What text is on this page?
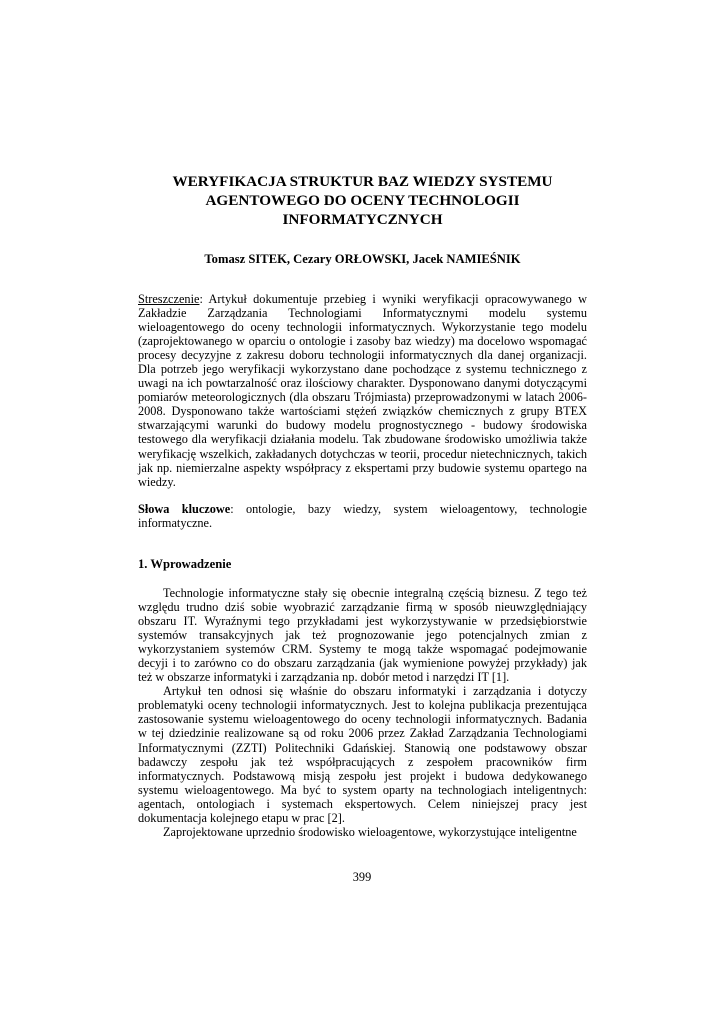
WERYFIKACJA STRUKTUR BAZ WIEDZY SYSTEMU
AGENTOWEGO DO OCENY TECHNOLOGII
INFORMATYCZNYCH
Tomasz SITEK, Cezary ORŁOWSKI, Jacek NAMIEŚNIK

Streszczenie: Artykuł dokumentuje przebieg i wyniki weryfikacji opracowywanego w Zakładzie Zarządzania Technologiami Informatycznymi modelu systemu wieloagentowego do oceny technologii informatycznych. Wykorzystanie tego modelu (zaprojektowanego w oparciu o ontologie i zasoby baz wiedzy) ma docelowo wspomagać procesy decyzyjne z zakresu doboru technologii informatycznych dla danej organizacji. Dla potrzeb jego weryfikacji wykorzystano dane pochodzące z systemu technicznego z uwagi na ich powtarzalność oraz ilościowy charakter. Dysponowano danymi dotyczącymi pomiarów meteorologicznych (dla obszaru Trójmiasta) przeprowadzonymi w latach 2006-2008. Dysponowano także wartościami stężeń związków chemicznych z grupy BTEX stwarzającymi warunki do budowy modelu prognostycznego - budowy środowiska testowego dla weryfikacji działania modelu. Tak zbudowane środowisko umożliwia także weryfikację wszelkich, zakładanych dotychczas w teorii, procedur nietechnicznych, takich jak np. niemierzalne aspekty współpracy z ekspertami przy budowie systemu opartego na wiedzy.

Słowa kluczowe: ontologie, bazy wiedzy, system wieloagentowy, technologie informatyczne.

1. Wprowadzenie

Technologie informatyczne stały się obecnie integralną częścią biznesu. Z tego też względu trudno dziś sobie wyobrazić zarządzanie firmą w sposób nieuwzględniający obszaru IT. Wyraźnymi tego przykładami jest wykorzystywanie w przedsiębiorstwie systemów transakcyjnych jak też prognozowanie jego potencjalnych zmian z wykorzystaniem systemów CRM. Systemy te mogą także wspomagać podejmowanie decyji i to zarówno co do obszaru zarządzania (jak wymienione powyżej przykłady) jak też w obszarze informatyki i zarządzania np. dobór metod i narzędzi IT [1].

Artykuł ten odnosi się właśnie do obszaru informatyki i zarządzania i dotyczy problematyki oceny technologii informatycznych. Jest to kolejna publikacja prezentująca zastosowanie systemu wieloagentowego do oceny technologii informatycznych. Badania w tej dziedzinie realizowane są od roku 2006 przez Zakład Zarządzania Technologiami Informatycznymi (ZZTI) Politechniki Gdańskiej. Stanowią one podstawowy obszar badawczy zespołu jak też współpracujących z zespołem pracowników firm informatycznych. Podstawową misją zespołu jest projekt i budowa dedykowanego systemu wieloagentowego. Ma być to system oparty na technologiach inteligentnych: agentach, ontologiach i systemach ekspertowych. Celem niniejszej pracy jest dokumentacja kolejnego etapu w prac [2].

Zaprojektowane uprzednio środowisko wieloagentowe, wykorzystujące inteligentne

399
